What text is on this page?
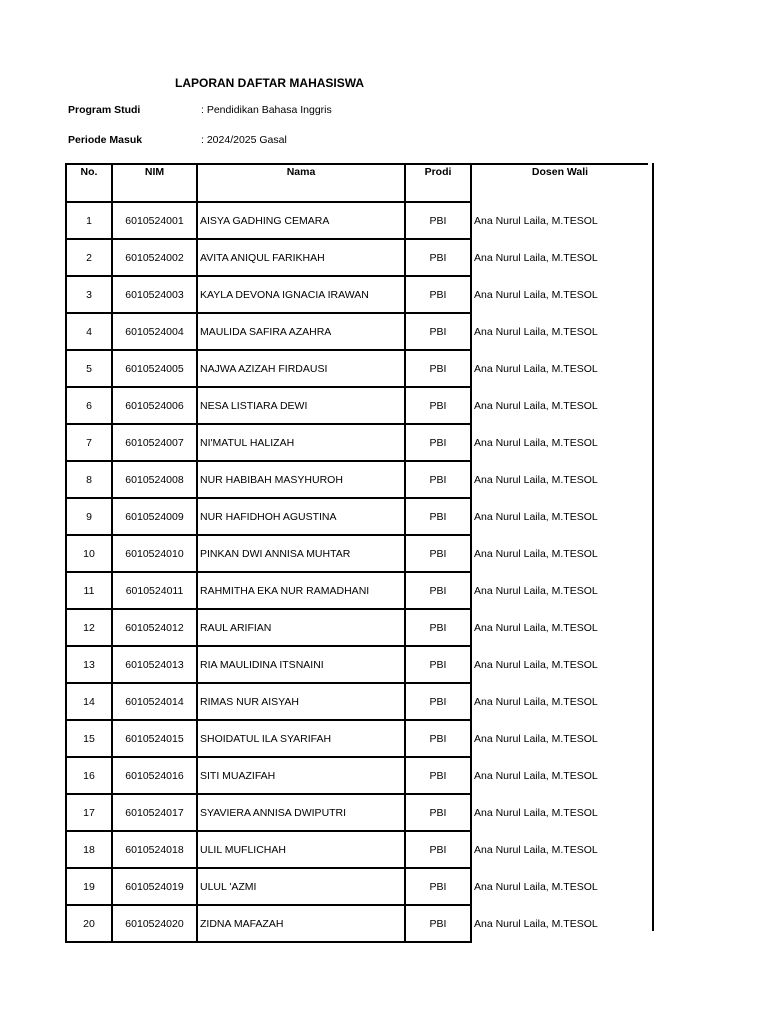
LAPORAN DAFTAR MAHASISWA
Program Studi	: Pendidikan Bahasa Inggris
Periode Masuk	: 2024/2025 Gasal
No.	NIM	Nama	Prodi	Dosen Wali
1	6010524001	AISYA GADHING CEMARA	PBI	Ana Nurul Laila, M.TESOL
2	6010524002	AVITA ANIQUL FARIKHAH	PBI	Ana Nurul Laila, M.TESOL
3	6010524003	KAYLA DEVONA IGNACIA IRAWAN	PBI	Ana Nurul Laila, M.TESOL
4	6010524004	MAULIDA SAFIRA AZAHRA	PBI	Ana Nurul Laila, M.TESOL
5	6010524005	NAJWA AZIZAH FIRDAUSI	PBI	Ana Nurul Laila, M.TESOL
6	6010524006	NESA LISTIARA DEWI	PBI	Ana Nurul Laila, M.TESOL
7	6010524007	NI'MATUL HALIZAH	PBI	Ana Nurul Laila, M.TESOL
8	6010524008	NUR HABIBAH MASYHUROH	PBI	Ana Nurul Laila, M.TESOL
9	6010524009	NUR HAFIDHOH AGUSTINA	PBI	Ana Nurul Laila, M.TESOL
10	6010524010	PINKAN DWI ANNISA MUHTAR	PBI	Ana Nurul Laila, M.TESOL
11	6010524011	RAHMITHA EKA NUR RAMADHANI	PBI	Ana Nurul Laila, M.TESOL
12	6010524012	RAUL ARIFIAN	PBI	Ana Nurul Laila, M.TESOL
13	6010524013	RIA MAULIDINA ITSNAINI	PBI	Ana Nurul Laila, M.TESOL
14	6010524014	RIMAS NUR AISYAH	PBI	Ana Nurul Laila, M.TESOL
15	6010524015	SHOIDATUL ILA SYARIFAH	PBI	Ana Nurul Laila, M.TESOL
16	6010524016	SITI MUAZIFAH	PBI	Ana Nurul Laila, M.TESOL
17	6010524017	SYAVIERA ANNISA DWIPUTRI	PBI	Ana Nurul Laila, M.TESOL
18	6010524018	ULIL MUFLICHAH	PBI	Ana Nurul Laila, M.TESOL
19	6010524019	ULUL 'AZMI	PBI	Ana Nurul Laila, M.TESOL
20	6010524020	ZIDNA MAFAZAH	PBI	Ana Nurul Laila, M.TESOL
